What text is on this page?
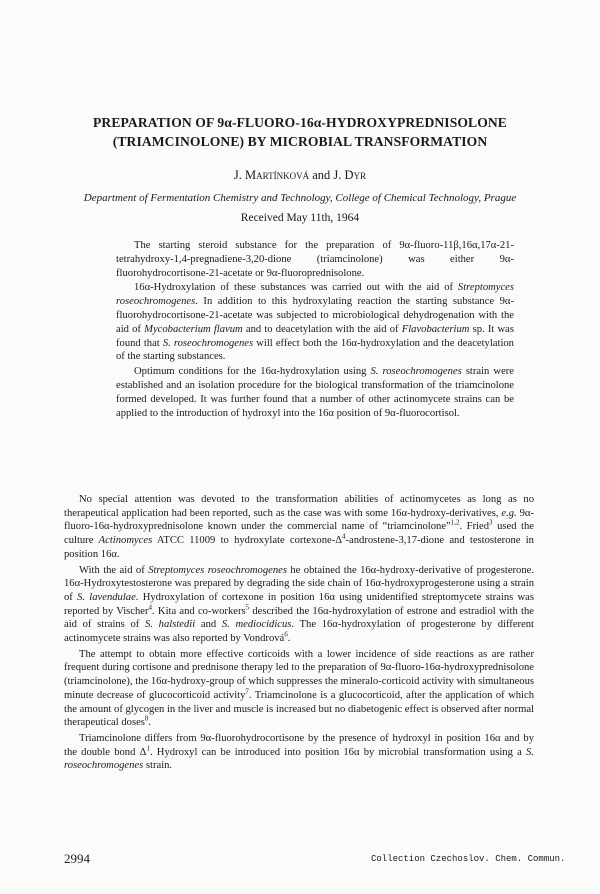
PREPARATION OF 9α-FLUORO-16α-HYDROXYPREDNISOLONE
(TRIAMCINOLONE) BY MICROBIAL TRANSFORMATION
J. Martínková and J. Dyr
Department of Fermentation Chemistry and Technology, College of Chemical Technology, Prague
Received May 11th, 1964

The starting steroid substance for the preparation of 9α-fluoro-11β,16α,17α-21-tetrahydroxy-1,4-pregnadiene-3,20-dione (triamcinolone) was either 9α-fluorohydrocortisone-21-acetate or 9α-fluoroprednisolone.

16α-Hydroxylation of these substances was carried out with the aid of Streptomyces roseochromogenes. In addition to this hydroxylating reaction the starting substance 9α-fluorohydrocortisone-21-acetate was subjected to microbiological dehydrogenation with the aid of Mycobacterium flavum and to deacetylation with the aid of Flavobacterium sp. It was found that S. roseochromogenes will effect both the 16α-hydroxylation and the deacetylation of the starting substances.

Optimum conditions for the 16α-hydroxylation using S. roseochromogenes strain were established and an isolation procedure for the biological transformation of the triamcinolone formed developed. It was further found that a number of other actinomycete strains can be applied to the introduction of hydroxyl into the 16α position of 9α-fluorocortisol.

No special attention was devoted to the transformation abilities of actinomycetes as long as no therapeutical application had been reported, such as the case was with some 16α-hydroxy-derivatives, e.g. 9α-fluoro-16α-hydroxyprednisolone known under the commercial name of “triamcinolone”$^{1,2}$. Fried$^3$ used the culture Actinomyces ATCC 11009 to hydroxylate cortexone-$\Delta^4-androstene-3,17$-dione and testosterone in position 16α.

With the aid of Streptomyces roseochromogenes he obtained the 16α-hydroxy-derivative of progesterone. 16α-Hydroxytestosterone was prepared by degrading the side chain of 16α-hydroxyprogesterone using a strain of S. lavendulae. Hydroxylation of cortexone in position 16α using unidentified streptomycete strains was reported by Vischer$^4$. Kita and co-workers$^5$ described the 16α-hydroxylation of estrone and estradiol with the aid of strains of S. halstedii and S. mediocidicus. The 16α-hydroxylation of progesterone by different actinomycete strains was also reported by Vondrová$^6$.

The attempt to obtain more effective corticoids with a lower incidence of side reactions as are rather frequent during cortisone and prednisone therapy led to the preparation of 9α-fluoro-16α-hydroxyprednisolone (triamcinolone), the 16α-hydroxy-group of which suppresses the mineralo-corticoid activity with simultaneous minute decrease of glucocorticoid activity$^7$. Triamcinolone is a glucocorticoid, after the application of which the amount of glycogen in the liver and muscle is increased but no diabetogenic effect is observed after normal therapeutical doses$^8$.

Triamcinolone differs from 9α-fluorohydrocortisone by the presence of hydroxyl in position 16α and by the double bond $\Delta^1$. Hydroxyl can be introduced into position 16α by microbial transformation using a S. roseochromogenes strain.

2994	Collection Czechoslov. Chem. Commun.
